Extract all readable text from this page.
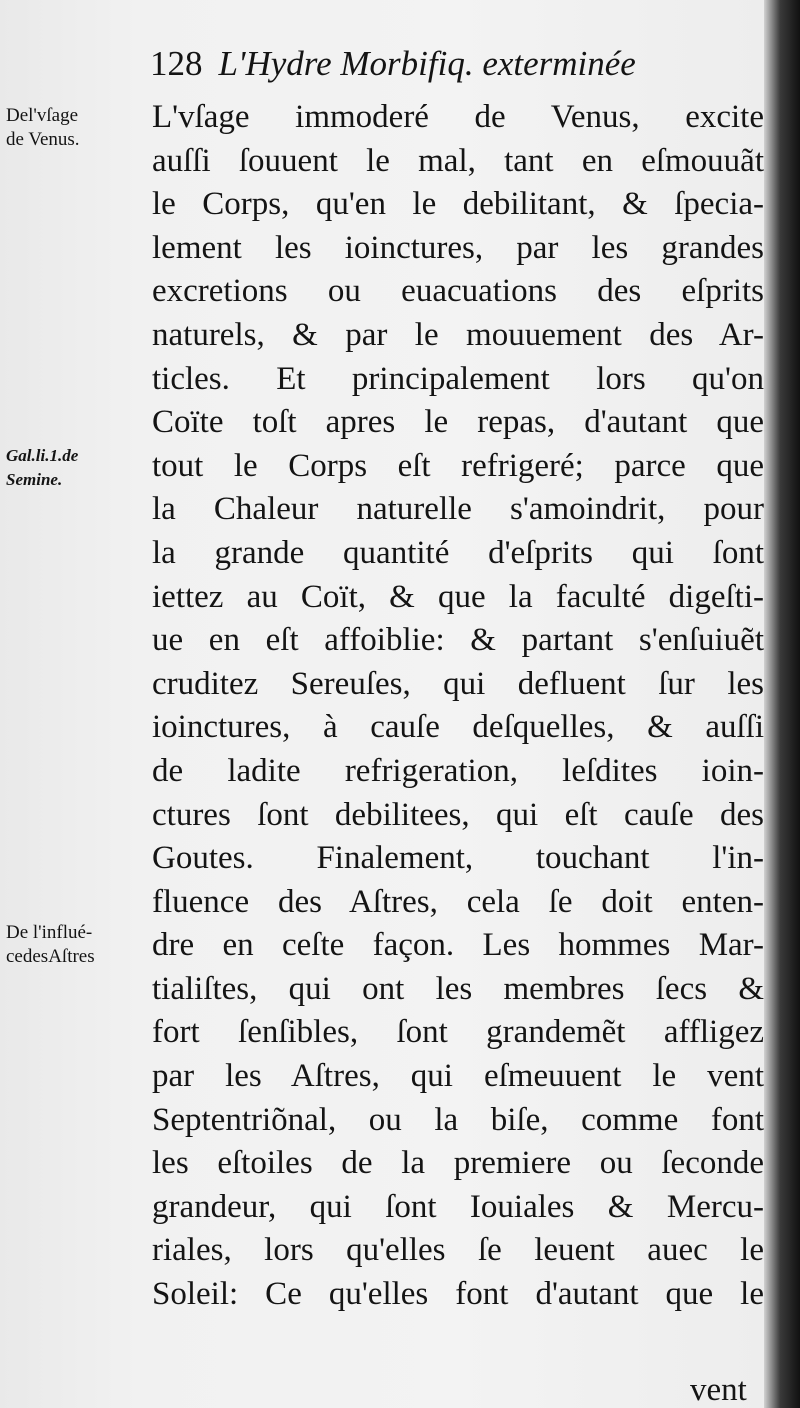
128 L'Hydre Morbifiq. exterminée
Del'vſage
de Venus.
Gal.li.1.de
Semine.
De l'influé-
cedesAſtres
L'vſage immoderé de Venus, excite
auſſi ſouuent le mal, tant en eſmouuãt
le Corps, qu'en le debilitant, & ſpecia-
lement les ioinctures, par les grandes
excretions ou euacuations des eſprits
naturels, & par le mouuement des Ar-
ticles. Et principalement lors qu'on
Coïte toſt apres le repas, d'autant que
tout le Corps eſt refrigeré; parce que
la Chaleur naturelle s'amoindrit, pour
la grande quantité d'eſprits qui ſont
iettez au Coït, & que la faculté digeſti-
ue en eſt affoiblie: & partant s'enſuiuẽt
cruditez Sereuſes, qui defluent ſur les
ioinctures, à cauſe deſquelles, & auſſi
de ladite refrigeration, leſdites ioin-
ctures ſont debilitees, qui eſt cauſe des
Goutes. Finalement, touchant l'in-
fluence des Aſtres, cela ſe doit enten-
dre en ceſte façon. Les hommes Mar-
tialiſtes, qui ont les membres ſecs &
fort ſenſibles, ſont grandemẽt affligez
par les Aſtres, qui eſmeuuent le vent
Septentriõnal, ou la biſe, comme font
les eſtoiles de la premiere ou ſeconde
grandeur, qui ſont Iouiales & Mercu-
riales, lors qu'elles ſe leuent auec le
Soleil: Ce qu'elles font d'autant que le
vent
